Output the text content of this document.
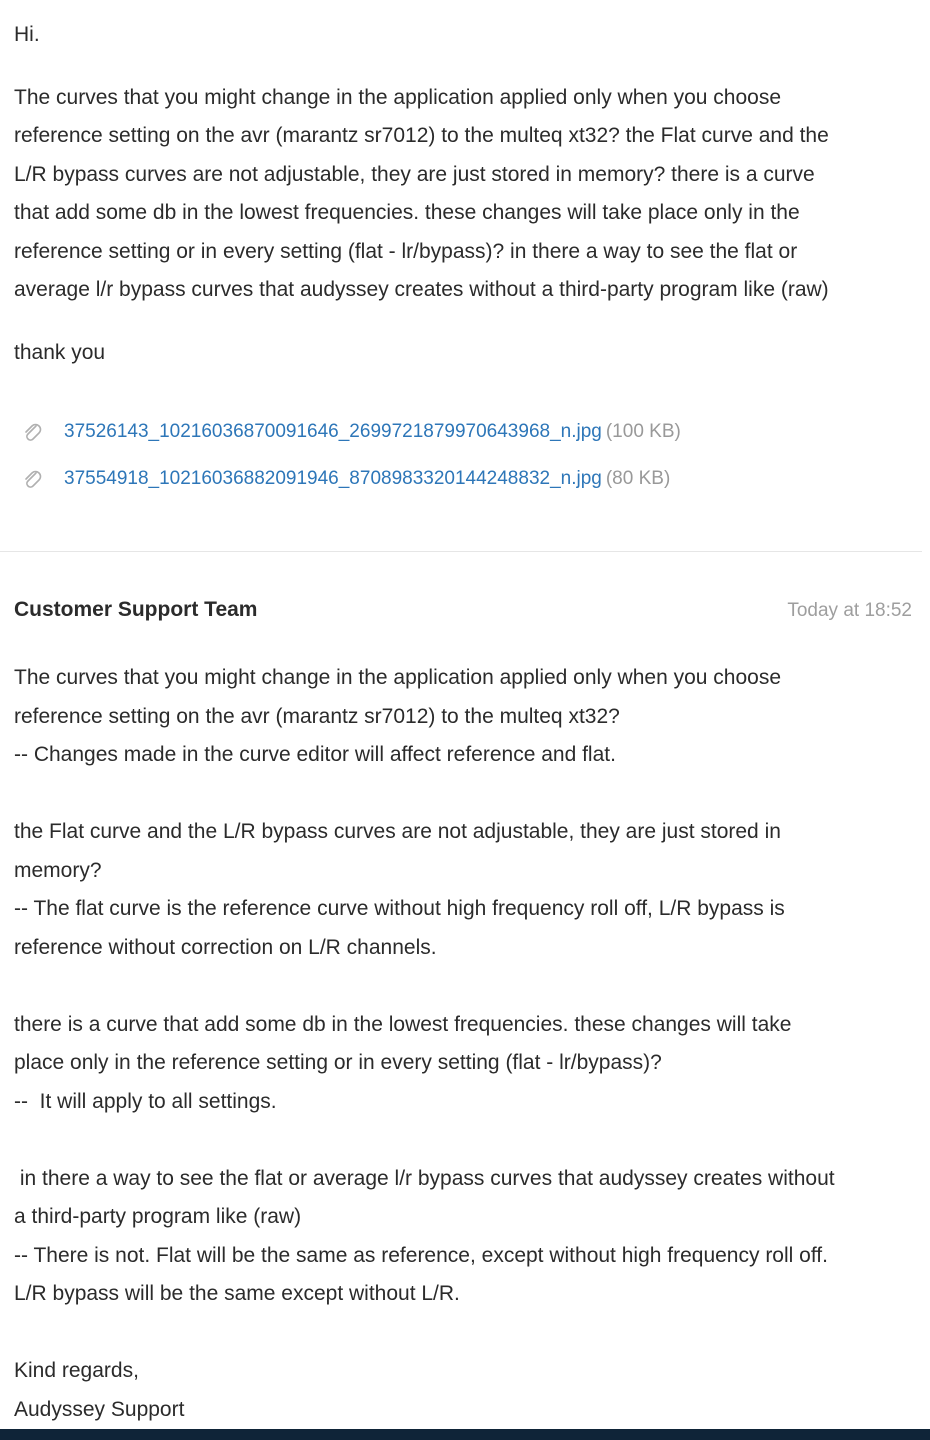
Hi.

The curves that you might change in the application applied only when you choose

reference setting on the avr (marantz sr7012) to the multeq xt32? the Flat curve and the

L/R bypass curves are not adjustable, they are just stored in memory? there is a curve

that add some db in the lowest frequencies. these changes will take place only in the

reference setting or in every setting (flat - lr/bypass)? in there a way to see the flat or

average l/r bypass curves that audyssey creates without a third-party program like (raw)

thank you

37526143_10216036870091646_2699721879970643968_n.jpg (100 KB)
37554918_10216036882091946_8708983320144248832_n.jpg (80 KB)
Customer Support Team	Today at 18:52

The curves that you might change in the application applied only when you choose

reference setting on the avr (marantz sr7012) to the multeq xt32?

-- Changes made in the curve editor will affect reference and flat.

the Flat curve and the L/R bypass curves are not adjustable, they are just stored in

memory?

-- The flat curve is the reference curve without high frequency roll off, L/R bypass is

reference without correction on L/R channels.

there is a curve that add some db in the lowest frequencies. these changes will take

place only in the reference setting or in every setting (flat - lr/bypass)?

--  It will apply to all settings.

in there a way to see the flat or average l/r bypass curves that audyssey creates without

a third-party program like (raw)

-- There is not. Flat will be the same as reference, except without high frequency roll off.

L/R bypass will be the same except without L/R.

Kind regards,

Audyssey Support
